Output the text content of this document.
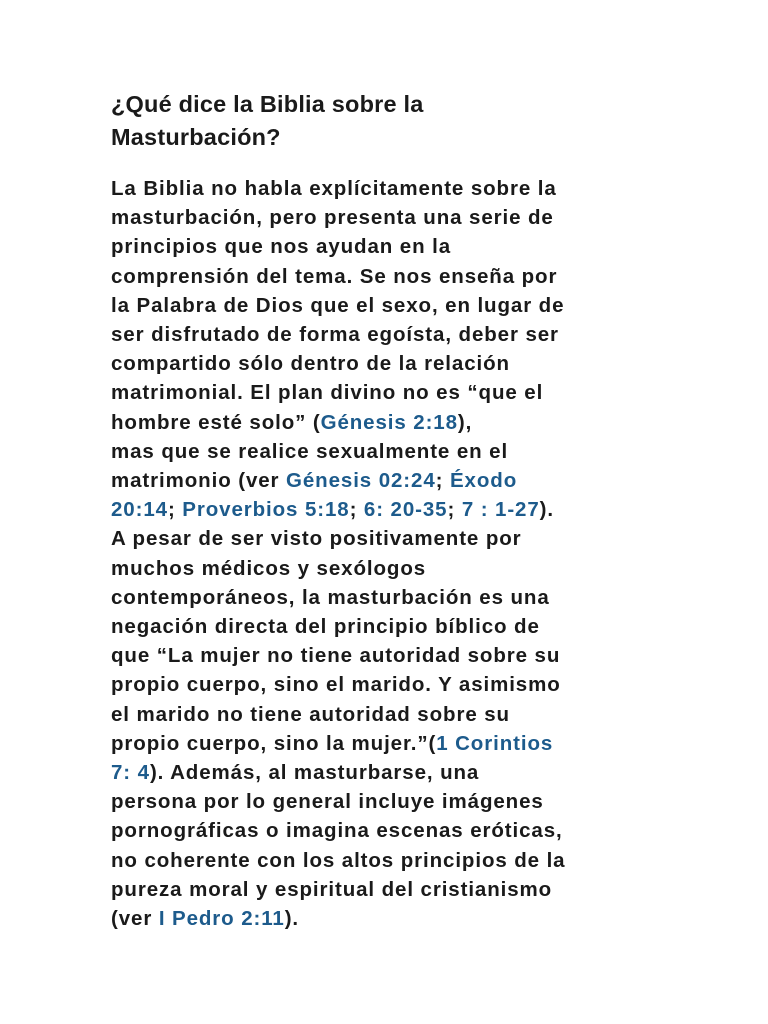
¿Qué dice la Biblia sobre la
Masturbación?
La Biblia no habla explícitamente sobre la
masturbación, pero presenta una serie de
principios que nos ayudan en la
comprensión del tema. Se nos enseña por
la Palabra de Dios que el sexo, en lugar de
ser disfrutado de forma egoísta, deber ser
compartido sólo dentro de la relación
matrimonial. El plan divino no es “que el
hombre esté solo” (Génesis 2:18),
mas que se realice sexualmente en el
matrimonio (ver Génesis 02:24; Éxodo
20:14; Proverbios 5:18; 6: 20-35; 7 : 1-27).
A pesar de ser visto positivamente por
muchos médicos y sexólogos
contemporáneos, la masturbación es una
negación directa del principio bíblico de
que “La mujer no tiene autoridad sobre su
propio cuerpo, sino el marido. Y asimismo
el marido no tiene autoridad sobre su
propio cuerpo, sino la mujer.”(1 Corintios
7: 4). Además, al masturbarse, una
persona por lo general incluye imágenes
pornográficas o imagina escenas eróticas,
no coherente con los altos principios de la
pureza moral y espiritual del cristianismo
(ver I Pedro 2:11).
